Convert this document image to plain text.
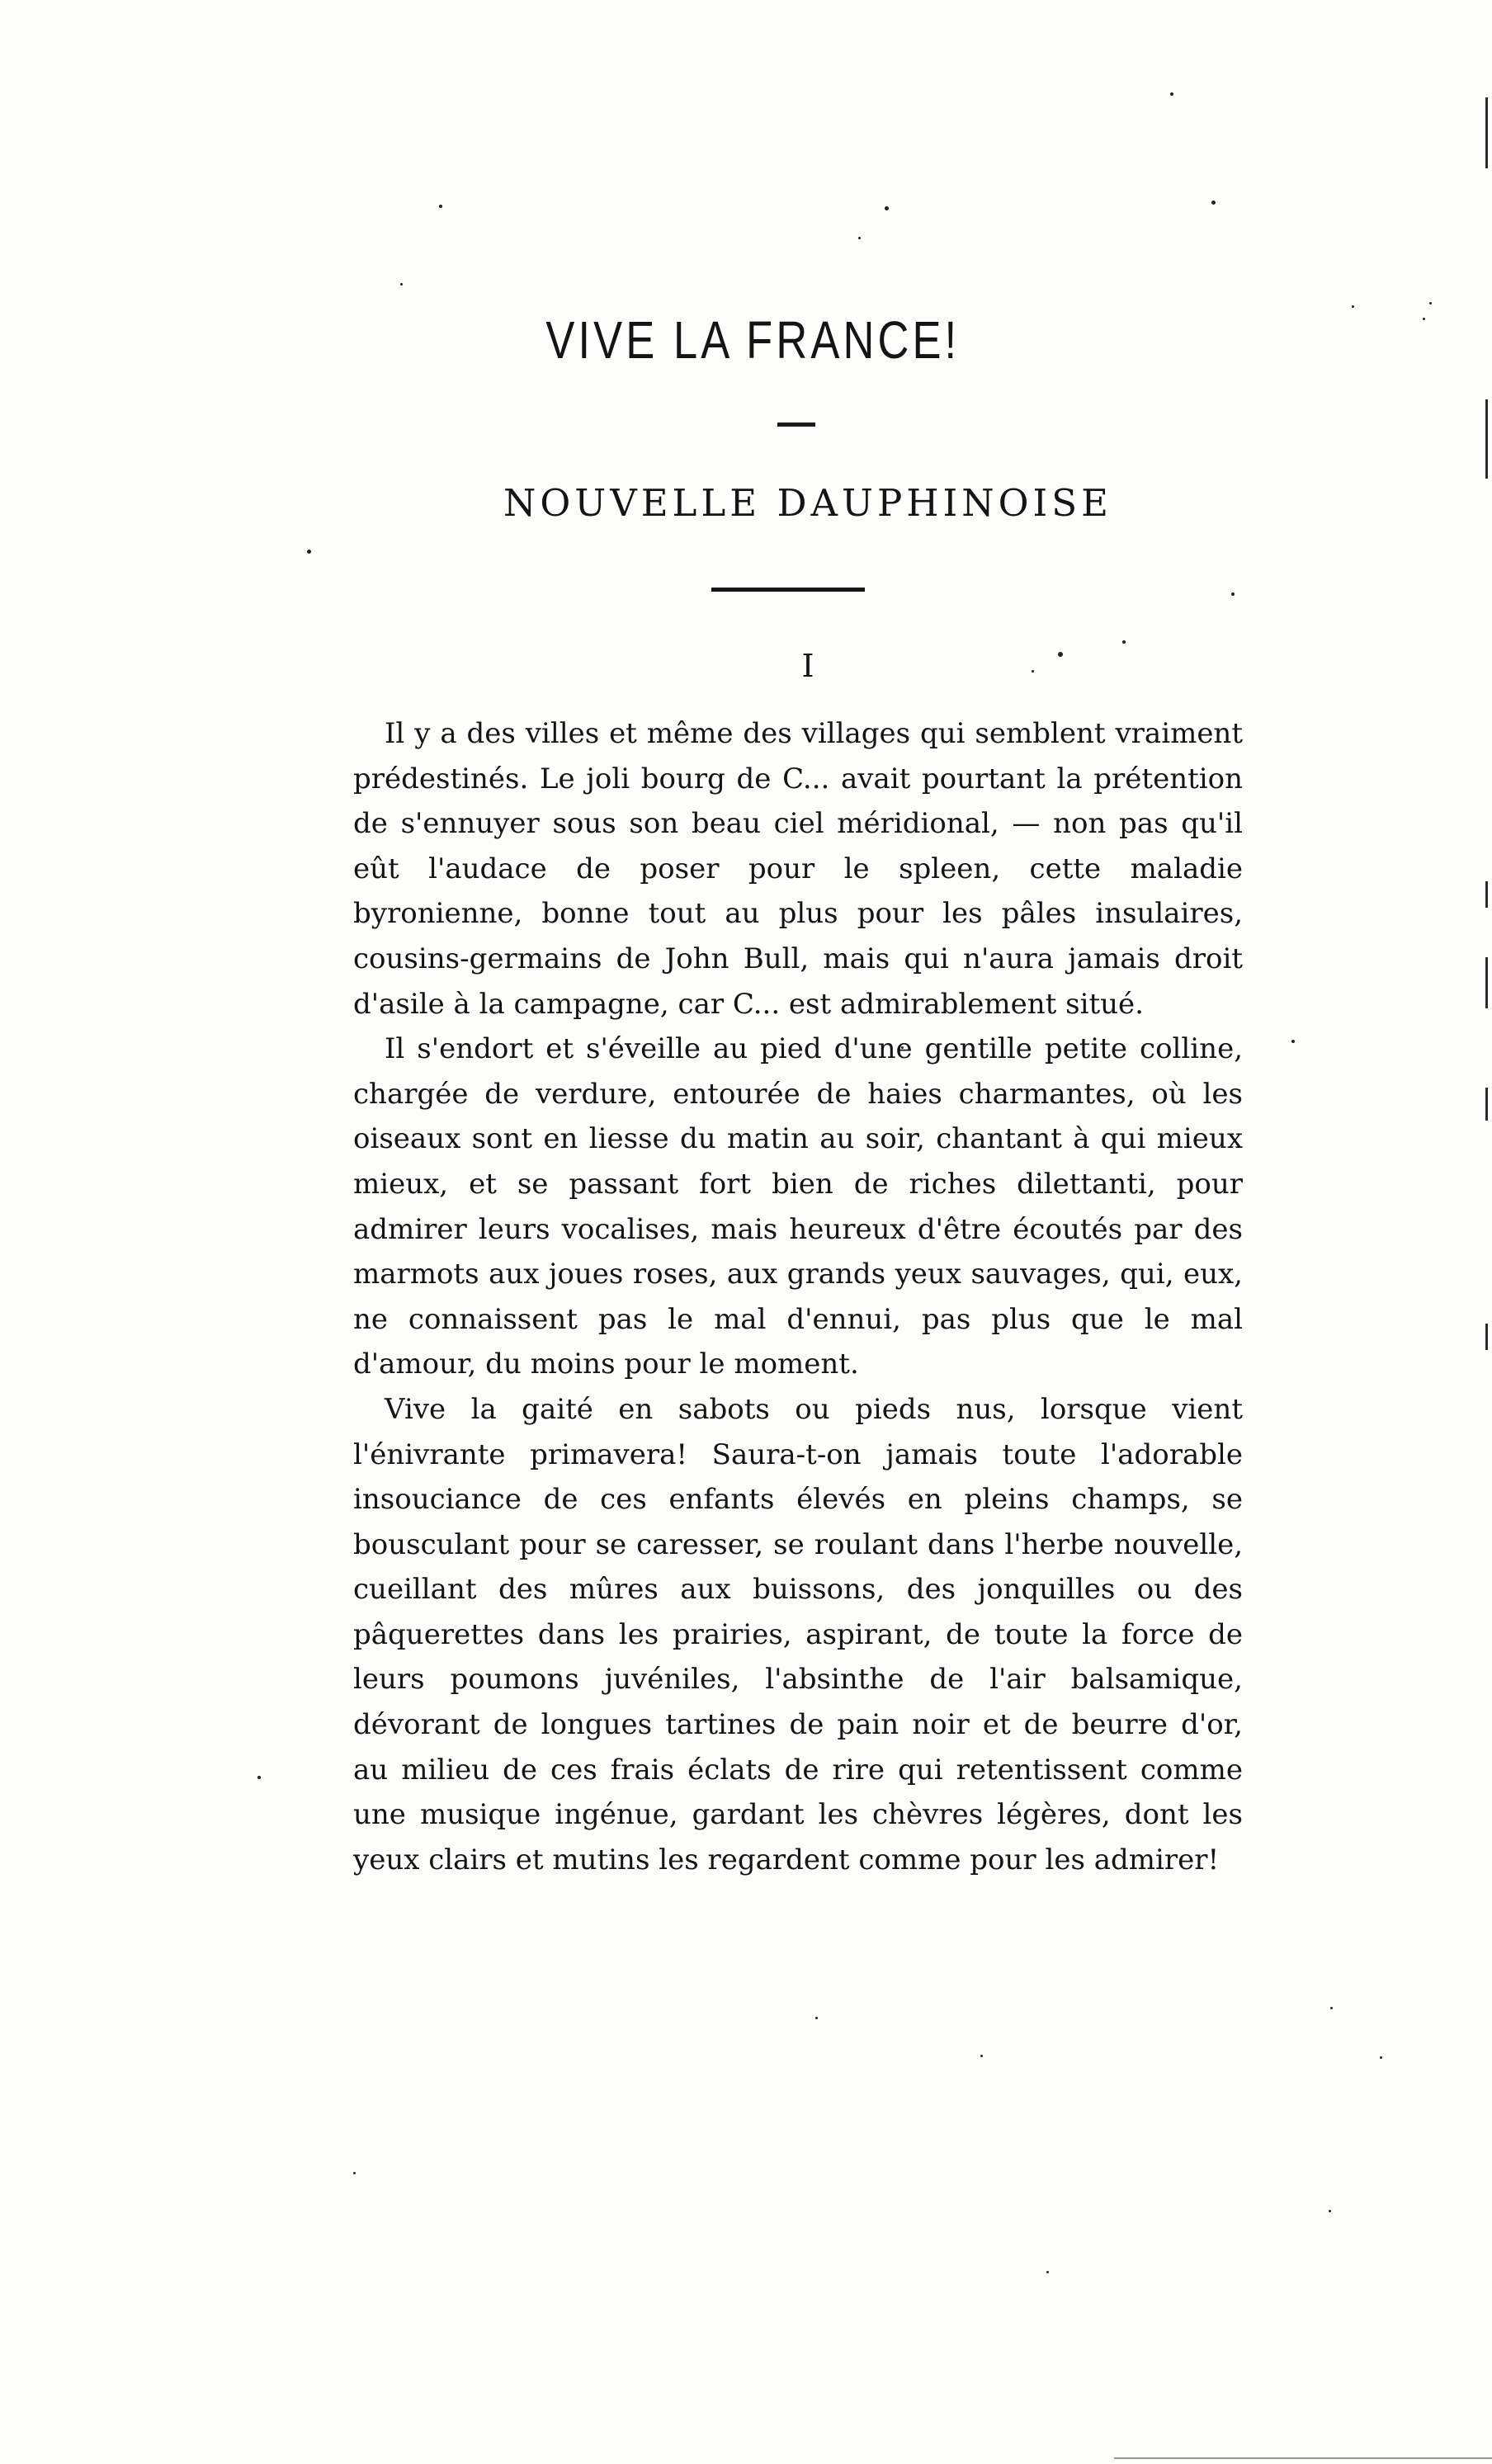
VIVE LA FRANCE!
NOUVELLE DAUPHINOISE
I

Il y a des villes et même des villages qui semblent vraiment prédestinés. Le joli bourg de C... avait pourtant la prétention de s'ennuyer sous son beau ciel méridional, — non pas qu'il eût l'audace de poser pour le spleen, cette maladie byronienne, bonne tout au plus pour les pâles insulaires, cousins-germains de John Bull, mais qui n'aura jamais droit d'asile à la campagne, car C... est admirablement situé.

Il s'endort et s'éveille au pied d'une gentille petite colline, chargée de verdure, entourée de haies charmantes, où les oiseaux sont en liesse du matin au soir, chantant à qui mieux mieux, et se passant fort bien de riches dilettanti, pour admirer leurs vocalises, mais heureux d'être écoutés par des marmots aux joues roses, aux grands yeux sauvages, qui, eux, ne connaissent pas le mal d'ennui, pas plus que le mal d'amour, du moins pour le moment.

Vive la gaité en sabots ou pieds nus, lorsque vient l'énivrante primavera! Saura-t-on jamais toute l'adorable insouciance de ces enfants élevés en pleins champs, se bousculant pour se caresser, se roulant dans l'herbe nouvelle, cueillant des mûres aux buissons, des jonquilles ou des pâquerettes dans les prairies, aspirant, de toute la force de leurs poumons juvéniles, l'absinthe de l'air balsamique, dévorant de longues tartines de pain noir et de beurre d'or, au milieu de ces frais éclats de rire qui retentissent comme une musique ingénue, gardant les chèvres légères, dont les yeux clairs et mutins les regardent comme pour les admirer!
